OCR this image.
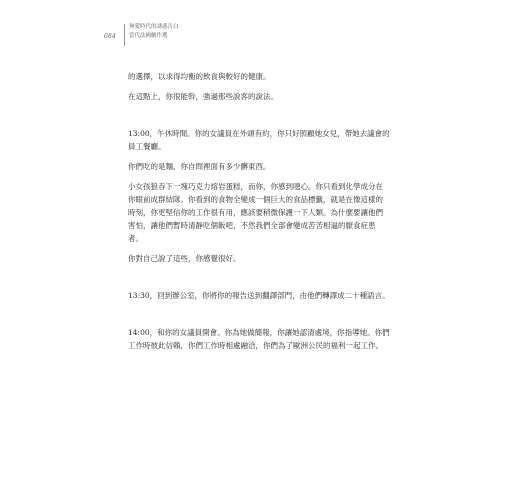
084
無愛時代的誘惑告白
當代法國劇作選

的選擇，以求得均衡的飲食與較好的健康。

在這點上，你很能幹，強過那些說客的說法。

13:00，午休時間。你的女議員在外頭有約，你只好照顧她女兒，帶她去議會的員工餐廳。

你們吃的是麵，你自問裡面有多少髒東西。

小女孩狼吞下一塊巧克力熔岩蛋糕，而你，你感到噁心。你只看到化學成分在你眼前成群結隊。你看到的食物全變成一個巨大的食品標籤，就是在像這樣的時刻，你更堅信你的工作很有用，應該要稍微保護一下人類。為什麼要讓他們害怕，讓他們暫時清靜吃個飯吧，不然我們全部會變成苦苦相逼的厭食症患者。

你對自己說了這些，你感覺很好。

13:30，回到辦公室，你將你的報告送到翻譯部門，由他們轉譯成二十種語言。

14:00，和你的女議員開會。你為她做簡報，你讓她認清處境，你指導她。你們工作時彼此信賴，你們工作時相處融洽，你們為了歐洲公民的福利一起工作。
